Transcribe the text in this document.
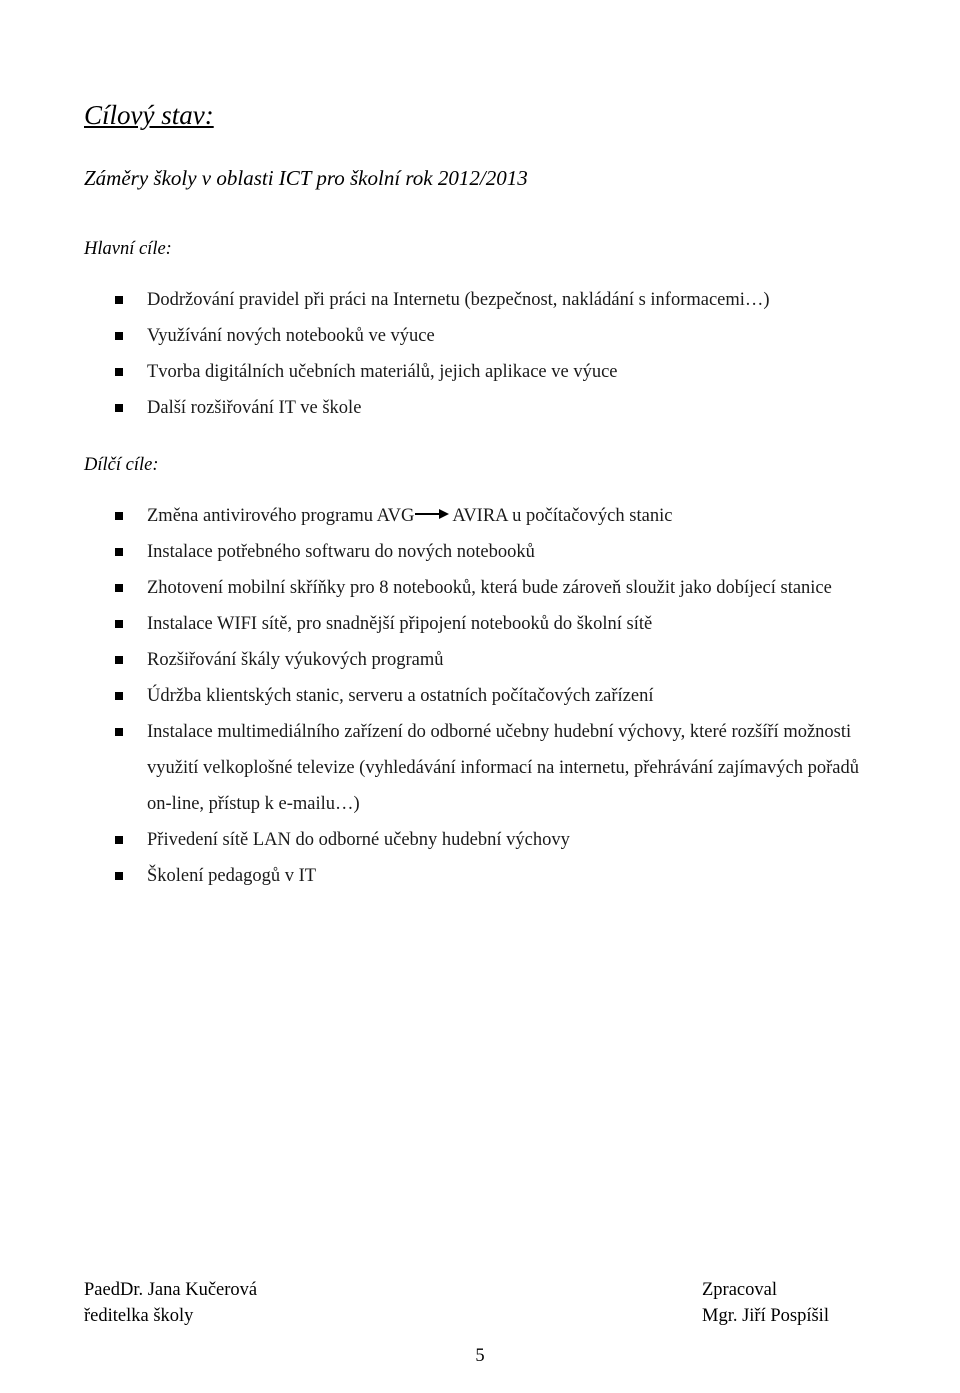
Cílový stav:
Záměry školy v oblasti ICT pro školní rok 2012/2013
Hlavní cíle:
Dodržování pravidel při práci na Internetu (bezpečnost, nakládání s informacemi…)
Využívání nových notebooků ve výuce
Tvorba digitálních učebních materiálů, jejich aplikace ve výuce
Další rozšiřování IT ve škole
Dílčí cíle:
Změna antivirového programu AVG AVIRA u počítačových stanic
Instalace potřebného softwaru do nových notebooků
Zhotovení mobilní skříňky pro 8 notebooků, která bude zároveň sloužit jako dobíjecí stanice
Instalace WIFI sítě, pro snadnější připojení notebooků do školní sítě
Rozšiřování škály výukových programů
Údržba klientských stanic, serveru a ostatních počítačových zařízení
Instalace multimediálního zařízení do odborné učebny hudební výchovy, které rozšíří možnosti využití velkoplošné televize (vyhledávání informací na internetu, přehrávání zajímavých pořadů on-line, přístup k e-mailu…)
Přivedení sítě LAN do odborné učebny hudební výchovy
Školení pedagogů v IT
PaedDr. Jana Kučerová
ředitelka školy
Zpracoval
Mgr. Jiří Pospíšil
5
